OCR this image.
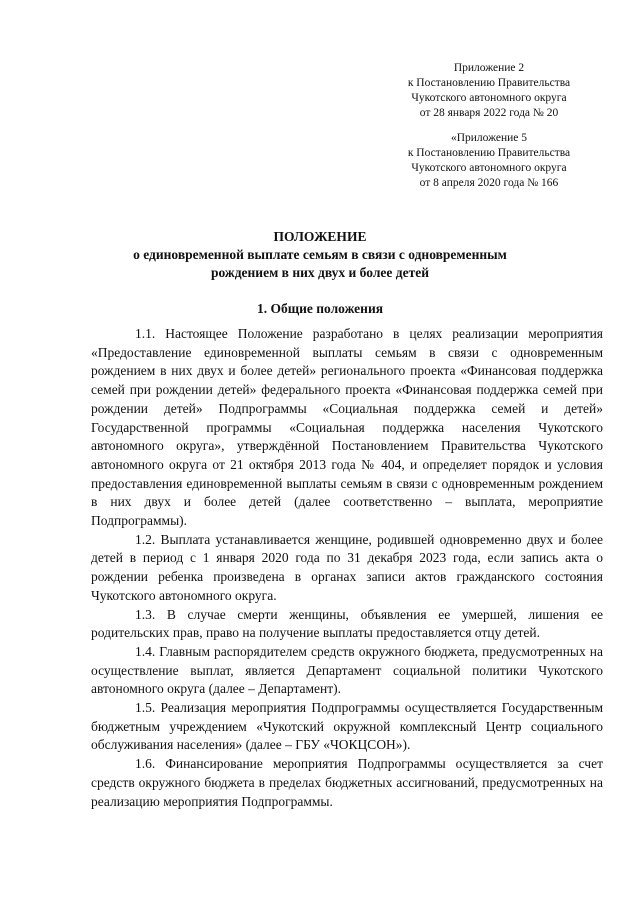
Приложение 2
к Постановлению Правительства
Чукотского автономного округа
от 28 января 2022 года № 20
«Приложение 5
к Постановлению Правительства
Чукотского автономного округа
от 8 апреля 2020 года № 166
ПОЛОЖЕНИЕ
о единовременной выплате семьям в связи с одновременным
рождением в них двух и более детей
1. Общие положения

1.1. Настоящее Положение разработано в целях реализации мероприятия «Предоставление единовременной выплаты семьям в связи с одновременным рождением в них двух и более детей» регионального проекта «Финансовая поддержка семей при рождении детей» федерального проекта «Финансовая поддержка семей при рождении детей» Подпрограммы «Социальная поддержка семей и детей» Государственной программы «Социальная поддержка населения Чукотского автономного округа», утверждённой Постановлением Правительства Чукотского автономного округа от 21 октября 2013 года № 404, и определяет порядок и условия предоставления единовременной выплаты семьям в связи с одновременным рождением в них двух и более детей (далее соответственно – выплата, мероприятие Подпрограммы).

1.2. Выплата устанавливается женщине, родившей одновременно двух и более детей в период с 1 января 2020 года по 31 декабря 2023 года, если запись акта о рождении ребенка произведена в органах записи актов гражданского состояния Чукотского автономного округа.

1.3. В случае смерти женщины, объявления ее умершей, лишения ее родительских прав, право на получение выплаты предоставляется отцу детей.

1.4. Главным распорядителем средств окружного бюджета, предусмотренных на осуществление выплат, является Департамент социальной политики Чукотского автономного округа (далее – Департамент).

1.5. Реализация мероприятия Подпрограммы осуществляется Государственным бюджетным учреждением «Чукотский окружной комплексный Центр социального обслуживания населения» (далее – ГБУ «ЧОКЦСОН»).

1.6. Финансирование мероприятия Подпрограммы осуществляется за счет средств окружного бюджета в пределах бюджетных ассигнований, предусмотренных на реализацию мероприятия Подпрограммы.
